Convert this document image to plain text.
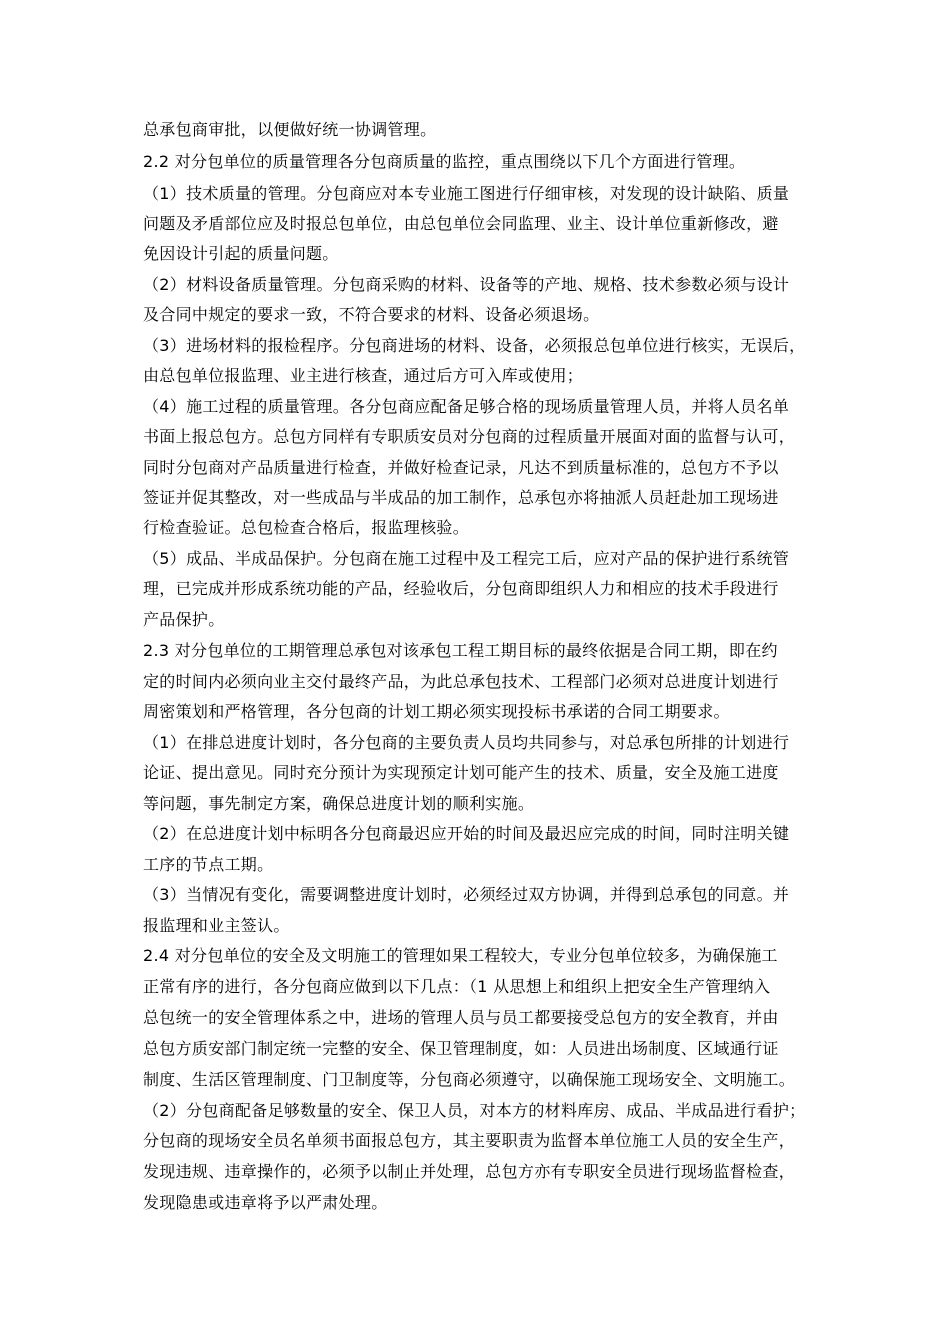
总承包商审批，以便做好统一协调管理。
2.2 对分包单位的质量管理各分包商质量的监控，重点围绕以下几个方面进行管理。
（1）技术质量的管理。分包商应对本专业施工图进行仔细审核，对发现的设计缺陷、质量
问题及矛盾部位应及时报总包单位，由总包单位会同监理、业主、设计单位重新修改，避
免因设计引起的质量问题。
（2）材料设备质量管理。分包商采购的材料、设备等的产地、规格、技术参数必须与设计
及合同中规定的要求一致，不符合要求的材料、设备必须退场。
（3）进场材料的报检程序。分包商进场的材料、设备，必须报总包单位进行核实，无误后，
由总包单位报监理、业主进行核查，通过后方可入库或使用；
（4）施工过程的质量管理。各分包商应配备足够合格的现场质量管理人员，并将人员名单
书面上报总包方。总包方同样有专职质安员对分包商的过程质量开展面对面的监督与认可，
同时分包商对产品质量进行检查，并做好检查记录，凡达不到质量标准的，总包方不予以
签证并促其整改，对一些成品与半成品的加工制作，总承包亦将抽派人员赶赴加工现场进
行检查验证。总包检查合格后，报监理核验。
（5）成品、半成品保护。分包商在施工过程中及工程完工后，应对产品的保护进行系统管
理，已完成并形成系统功能的产品，经验收后，分包商即组织人力和相应的技术手段进行
产品保护。
2.3 对分包单位的工期管理总承包对该承包工程工期目标的最终依据是合同工期，即在约
定的时间内必须向业主交付最终产品，为此总承包技术、工程部门必须对总进度计划进行
周密策划和严格管理，各分包商的计划工期必须实现投标书承诺的合同工期要求。
（1）在排总进度计划时，各分包商的主要负责人员均共同参与，对总承包所排的计划进行
论证、提出意见。同时充分预计为实现预定计划可能产生的技术、质量，安全及施工进度
等问题，事先制定方案，确保总进度计划的顺利实施。
（2）在总进度计划中标明各分包商最迟应开始的时间及最迟应完成的时间，同时注明关键
工序的节点工期。
（3）当情况有变化，需要调整进度计划时，必须经过双方协调，并得到总承包的同意。并
报监理和业主签认。
2.4 对分包单位的安全及文明施工的管理如果工程较大，专业分包单位较多，为确保施工
正常有序的进行，各分包商应做到以下几点：（1 从思想上和组织上把安全生产管理纳入
总包统一的安全管理体系之中，进场的管理人员与员工都要接受总包方的安全教育，并由
总包方质安部门制定统一完整的安全、保卫管理制度，如：人员进出场制度、区域通行证
制度、生活区管理制度、门卫制度等，分包商必须遵守，以确保施工现场安全、文明施工。
（2）分包商配备足够数量的安全、保卫人员，对本方的材料库房、成品、半成品进行看护；
分包商的现场安全员名单须书面报总包方，其主要职责为监督本单位施工人员的安全生产，
发现违规、违章操作的，必须予以制止并处理，总包方亦有专职安全员进行现场监督检查，
发现隐患或违章将予以严肃处理。
